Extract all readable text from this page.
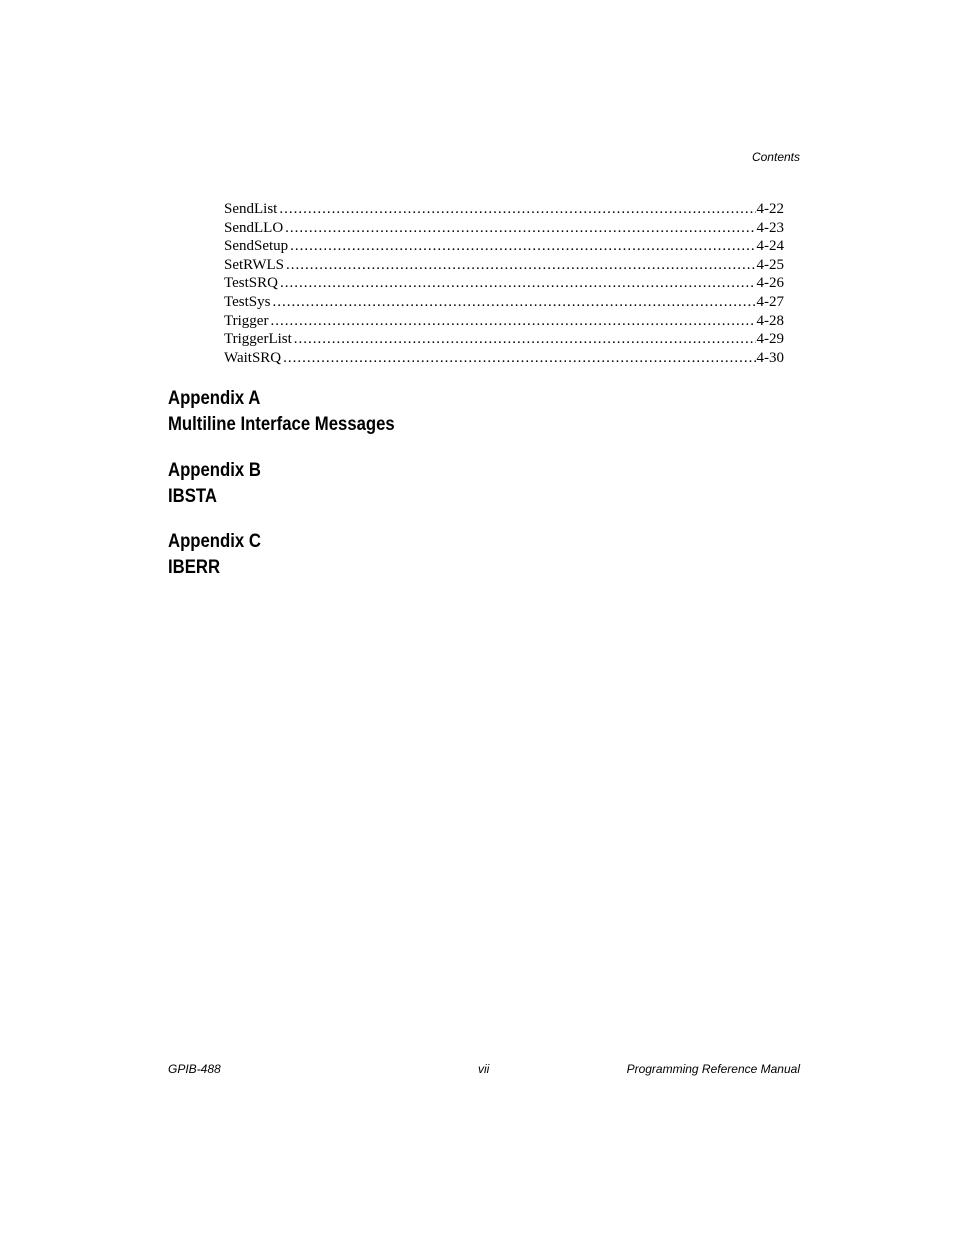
Contents
SendList .....	4-22
SendLLO .....	4-23
SendSetup .....	4-24
SetRWLS .....	4-25
TestSRQ .....	4-26
TestSys .....	4-27
Trigger .....	4-28
TriggerList .....	4-29
WaitSRQ .....	4-30
Appendix A
Multiline Interface Messages
Appendix B
IBSTA
Appendix C
IBERR
GPIB-488	vii	Programming Reference Manual
